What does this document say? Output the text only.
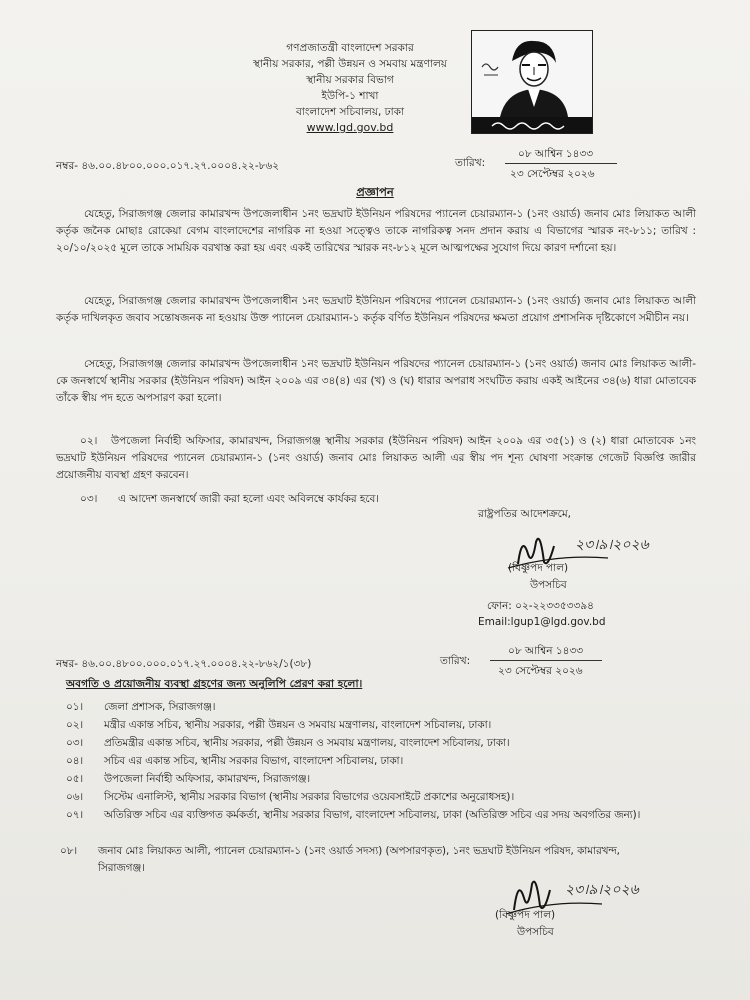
গণপ্রজাতন্ত্রী বাংলাদেশ সরকার
স্থানীয় সরকার, পল্লী উন্নয়ন ও সমবায় মন্ত্রণালয়
স্থানীয় সরকার বিভাগ
ইউপি-১ শাখা
বাংলাদেশ সচিবালয়, ঢাকা
www.lgd.gov.bd
নম্বর- ৪৬.০০.৪৮০০.০০০.০১৭.২৭.০০০৪.২২-৮৬২	তারিখ:
০৮ আশ্বিন ১৪৩৩
২৩ সেপ্টেম্বর ২০২৬
প্রজ্ঞাপন
যেহেতু, সিরাজগঞ্জ জেলার কামারখন্দ উপজেলাধীন ১নং ভদ্রঘাট ইউনিয়ন পরিষদের প্যানেল চেয়ারম্যান-১ (১নং ওয়ার্ড) জনাব মোঃ লিয়াকত আলী কর্তৃক জনৈক মোছাঃ রোকেয়া বেগম বাংলাদেশের নাগরিক না হওয়া সত্ত্বেও তাকে নাগরিকত্ব সনদ প্রদান করায় এ বিভাগের স্মারক নং-৮১১; তারিখ : ২০/১০/২০২৫ মূলে তাকে সাময়িক বরখাস্ত করা হয় এবং একই তারিখের স্মারক নং-৮১২ মূলে আত্মপক্ষের সুযোগ দিয়ে কারণ দর্শানো হয়।
যেহেতু, সিরাজগঞ্জ জেলার কামারখন্দ উপজেলাধীন ১নং ভদ্রঘাট ইউনিয়ন পরিষদের প্যানেল চেয়ারম্যান-১ (১নং ওয়ার্ড) জনাব মোঃ লিয়াকত আলী কর্তৃক দাখিলকৃত জবাব সন্তোষজনক না হওয়ায় উক্ত প্যানেল চেয়ারম্যান-১ কর্তৃক বর্ণিত ইউনিয়ন পরিষদের ক্ষমতা প্রয়োগ প্রশাসনিক দৃষ্টিকোণে সমীচীন নয়।
সেহেতু, সিরাজগঞ্জ জেলার কামারখন্দ উপজেলাধীন ১নং ভদ্রঘাট ইউনিয়ন পরিষদের প্যানেল চেয়ারম্যান-১ (১নং ওয়ার্ড) জনাব মোঃ লিয়াকত আলী-কে জনস্বার্থে স্থানীয় সরকার (ইউনিয়ন পরিষদ) আইন ২০০৯ এর ৩৪(৪) এর (খ) ও (ঘ) ধারার অপরাধ সংঘটিত করায় একই আইনের ৩৪(৬) ধারা মোতাবেক তাঁকে স্বীয় পদ হতে অপসারণ করা হলো।
০২।	উপজেলা নির্বাহী অফিসার, কামারখন্দ, সিরাজগঞ্জ স্থানীয় সরকার (ইউনিয়ন পরিষদ) আইন ২০০৯ এর ৩৫(১) ও (২) ধারা মোতাবেক ১নং ভদ্রঘাট ইউনিয়ন পরিষদের প্যানেল চেয়ারম্যান-১ (১নং ওয়ার্ড) জনাব মোঃ লিয়াকত আলী এর স্বীয় পদ শূন্য ঘোষণা সংক্রান্ত গেজেট বিজ্ঞপ্তি জারীর প্রয়োজনীয় ব্যবস্থা গ্রহণ করবেন।
০৩। এ আদেশ জনস্বার্থে জারী করা হলো এবং অবিলম্বে কার্যকর হবে।
রাষ্ট্রপতির আদেশক্রমে,
২৩।৯।২০২৬
(বিষ্ণুপদ পাল)
উপসচিব
ফোন: ০২-২২৩৩৫৩৩৯৪
Email:lgup1@lgd.gov.bd
নম্বর- ৪৬.০০.৪৮০০.০০০.০১৭.২৭.০০০৪.২২-৮৬২/১(৩৮)	তারিখ:
০৮ আশ্বিন ১৪৩৩
২৩ সেপ্টেম্বর ২০২৬
অবগতি ও প্রয়োজনীয় ব্যবস্থা গ্রহণের জন্য অনুলিপি প্রেরণ করা হলো।
০১। জেলা প্রশাসক, সিরাজগঞ্জ।
০২। মন্ত্রীর একান্ত সচিব, স্থানীয় সরকার, পল্লী উন্নয়ন ও সমবায় মন্ত্রণালয়, বাংলাদেশ সচিবালয়, ঢাকা।
০৩। প্রতিমন্ত্রীর একান্ত সচিব, স্থানীয় সরকার, পল্লী উন্নয়ন ও সমবায় মন্ত্রণালয়, বাংলাদেশ সচিবালয়, ঢাকা।
০৪। সচিব এর একান্ত সচিব, স্থানীয় সরকার বিভাগ, বাংলাদেশ সচিবালয়, ঢাকা।
০৫। উপজেলা নির্বাহী অফিসার, কামারখন্দ, সিরাজগঞ্জ।
০৬। সিস্টেম এনালিস্ট, স্থানীয় সরকার বিভাগ (স্থানীয় সরকার বিভাগের ওয়েবসাইটে প্রকাশের অনুরোধসহ)।
০৭। অতিরিক্ত সচিব এর ব্যক্তিগত কর্মকর্তা, স্থানীয় সরকার বিভাগ, বাংলাদেশ সচিবালয়, ঢাকা (অতিরিক্ত সচিব এর সদয় অবগতির জন্য)।
০৮। জনাব মোঃ লিয়াকত আলী, প্যানেল চেয়ারম্যান-১ (১নং ওয়ার্ড সদস্য) (অপসারণকৃত), ১নং ভদ্রঘাট ইউনিয়ন পরিষদ, কামারখন্দ, সিরাজগঞ্জ।
২৩।৯।২০২৬
(বিষ্ণুপদ পাল)
উপসচিব
